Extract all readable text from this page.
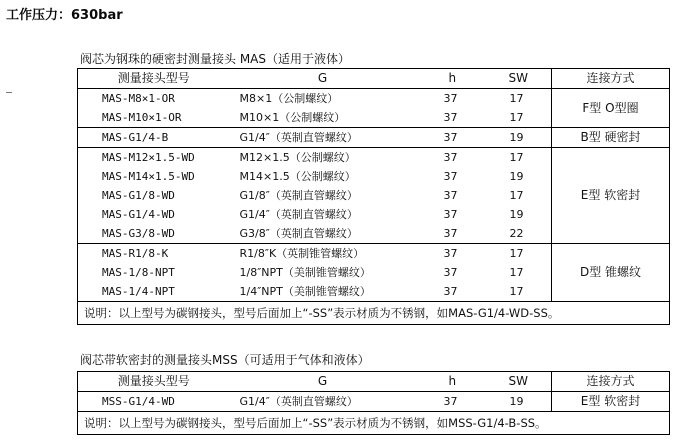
工作压力：630bar
阀芯为钢珠的硬密封测量接头 MAS（适用于液体）
测量接头型号	G	h SW	连接方式
MAS-M8×1-OR	M8×1（公制螺纹）	37 17	F型 O型圈
MAS-M10×1-OR	M10×1（公制螺纹）	37 17	
MAS-G1/4-B	G1/4″（英制直管螺纹）	37 19	B型 硬密封
MAS-M12×1.5-WD	M12×1.5（公制螺纹）	37 17	E型 软密封
MAS-M14×1.5-WD	M14×1.5（公制螺纹）	37 19	
MAS-G1/8-WD	G1/8″（英制直管螺纹）	37 17	
MAS-G1/4-WD	G1/4″（英制直管螺纹）	37 19	
MAS-G3/8-WD	G3/8″（英制直管螺纹）	37 22	
MAS-R1/8-K	R1/8″K（英制锥管螺纹）	37 17	D型 锥螺纹
MAS-1/8-NPT	1/8″NPT（美制锥管螺纹）	37 17	
MAS-1/4-NPT	1/4″NPT（美制锥管螺纹）	37 17	
说明：以上型号为碳钢接头，型号后面加上“-SS”表示材质为不锈钢，如MAS-G1/4-WD-SS。			
阀芯带软密封的测量接头MSS（可适用于气体和液体）
测量接头型号	G	h SW	连接方式
MSS-G1/4-WD	G1/4″（英制直管螺纹）	37 19	E型 软密封
说明：以上型号为碳钢接头，型号后面加上“-SS”表示材质为不锈钢，如MSS-G1/4-B-SS。			
